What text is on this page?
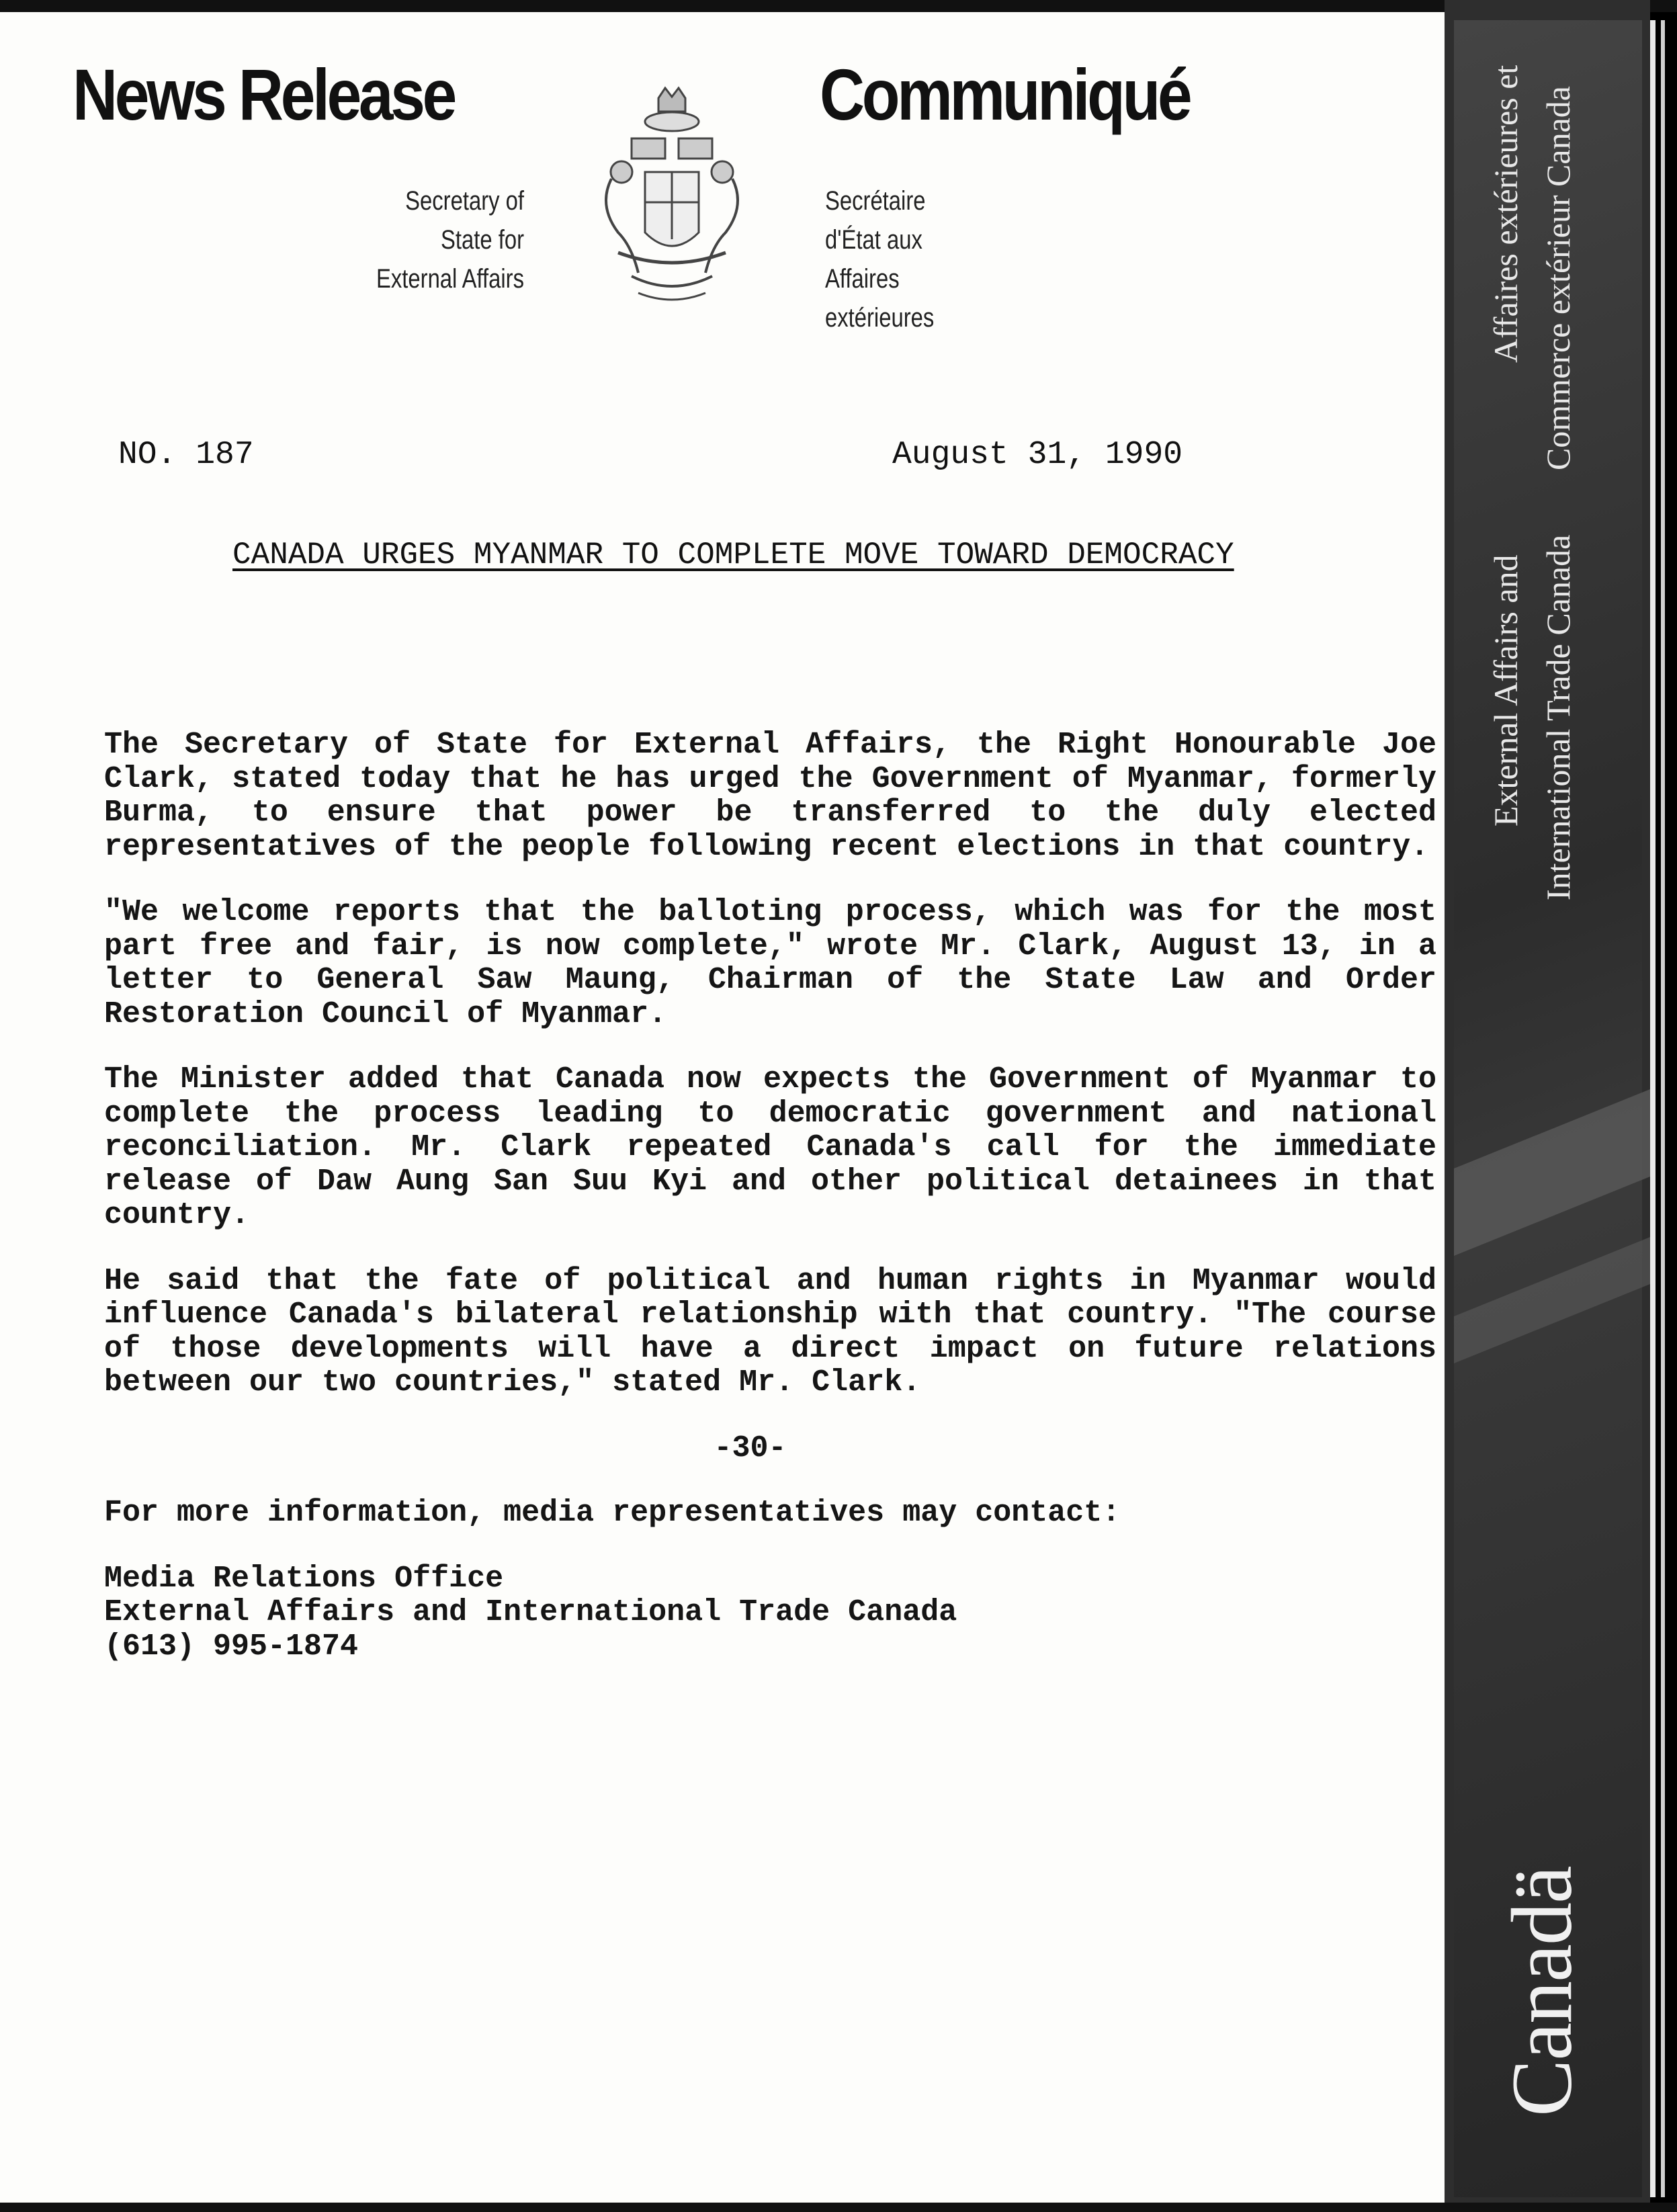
News Release	Communiqué
Secretary of
State for
External Affairs
Secrétaire
d'État aux
Affaires
extérieures
NO. 187	August 31, 1990
CANADA URGES MYANMAR TO COMPLETE MOVE TOWARD DEMOCRACY

The Secretary of State for External Affairs, the Right Honourable Joe Clark, stated today that he has urged the Government of Myanmar, formerly Burma, to ensure that power be transferred to the duly elected representatives of the people following recent elections in that country.

"We welcome reports that the balloting process, which was for the most part free and fair, is now complete," wrote Mr. Clark, August 13, in a letter to General Saw Maung, Chairman of the State Law and Order Restoration Council of Myanmar.

The Minister added that Canada now expects the Government of Myanmar to complete the process leading to democratic government and national reconciliation. Mr. Clark repeated Canada's call for the immediate release of Daw Aung San Suu Kyi and other political detainees in that country.

He said that the fate of political and human rights in Myanmar would influence Canada's bilateral relationship with that country. "The course of those developments will have a direct impact on future relations between our two countries," stated Mr. Clark.

-30-
For more information, media representatives may contact:
Media Relations Office
External Affairs and International Trade Canada
(613) 995-1874
Affaires extérieures et Commerce extérieur Canada
External Affairs and International Trade Canada
Canadä
